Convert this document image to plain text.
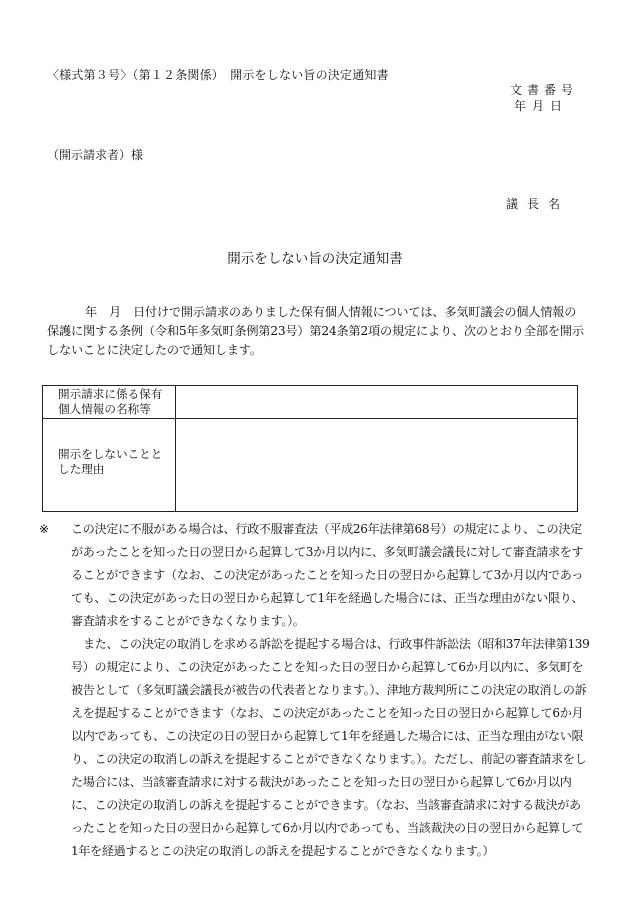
〈様式第３号〉（第１２条関係）　開示をしない旨の決定通知書
文書番号
年月日
（開示請求者）様
議長名
開示をしない旨の決定通知書
年　月　日付けで開示請求のありました保有個人情報については、多気町議会の個人情報の保護に関する条例（令和5年多気町条例第23号）第24条第2項の規定により、次のとおり全部を開示しないことに決定したので通知します。
開示請求に係る保有
個人情報の名称等
開示をしないことと
した理由

※ この決定に不服がある場合は、行政不服審査法（平成26年法律第68号）の規定により、この決定があったことを知った日の翌日から起算して3か月以内に、多気町議会議長に対して審査請求をすることができます（なお、この決定があったことを知った日の翌日から起算して3か月以内であっても、この決定があった日の翌日から起算して1年を経過した場合には、正当な理由がない限り、審査請求をすることができなくなります。）。

また、この決定の取消しを求める訴訟を提起する場合は、行政事件訴訟法（昭和37年法律第139号）の規定により、この決定があったことを知った日の翌日から起算して6か月以内に、多気町を被告として（多気町議会議長が被告の代表者となります。）、津地方裁判所にこの決定の取消しの訴えを提起することができます（なお、この決定があったことを知った日の翌日から起算して6か月以内であっても、この決定の日の翌日から起算して1年を経過した場合には、正当な理由がない限り、この決定の取消しの訴えを提起することができなくなります。）。ただし、前記の審査請求をした場合には、当該審査請求に対する裁決があったことを知った日の翌日から起算して6か月以内に、この決定の取消しの訴えを提起することができます。（なお、当該審査請求に対する裁決があったことを知った日の翌日から起算して6か月以内であっても、当該裁決の日の翌日から起算して1年を経過するとこの決定の取消しの訴えを提起することができなくなります。）
